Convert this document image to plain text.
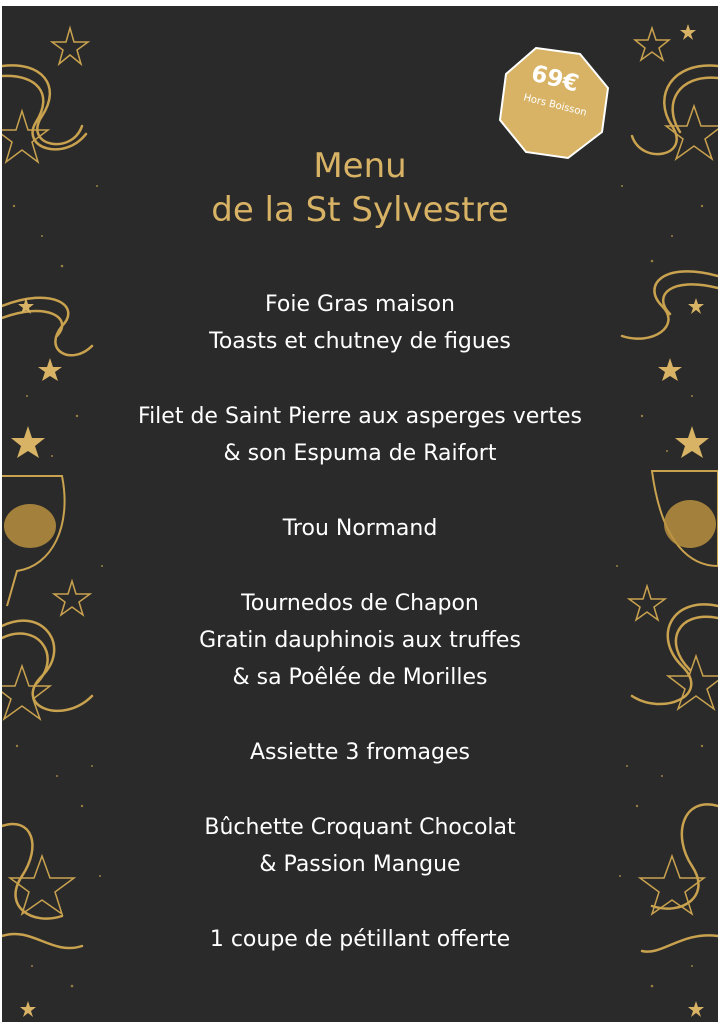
69€
Hors Boisson
Menu
de la St Sylvestre
Foie Gras maison
Toasts et chutney de figues
Filet de Saint Pierre aux asperges vertes
& son Espuma de Raifort
Trou Normand
Tournedos de Chapon
Gratin dauphinois aux truffes
& sa Poêlée de Morilles
Assiette 3 fromages
Bûchette Croquant Chocolat
& Passion Mangue
1 coupe de pétillant offerte
